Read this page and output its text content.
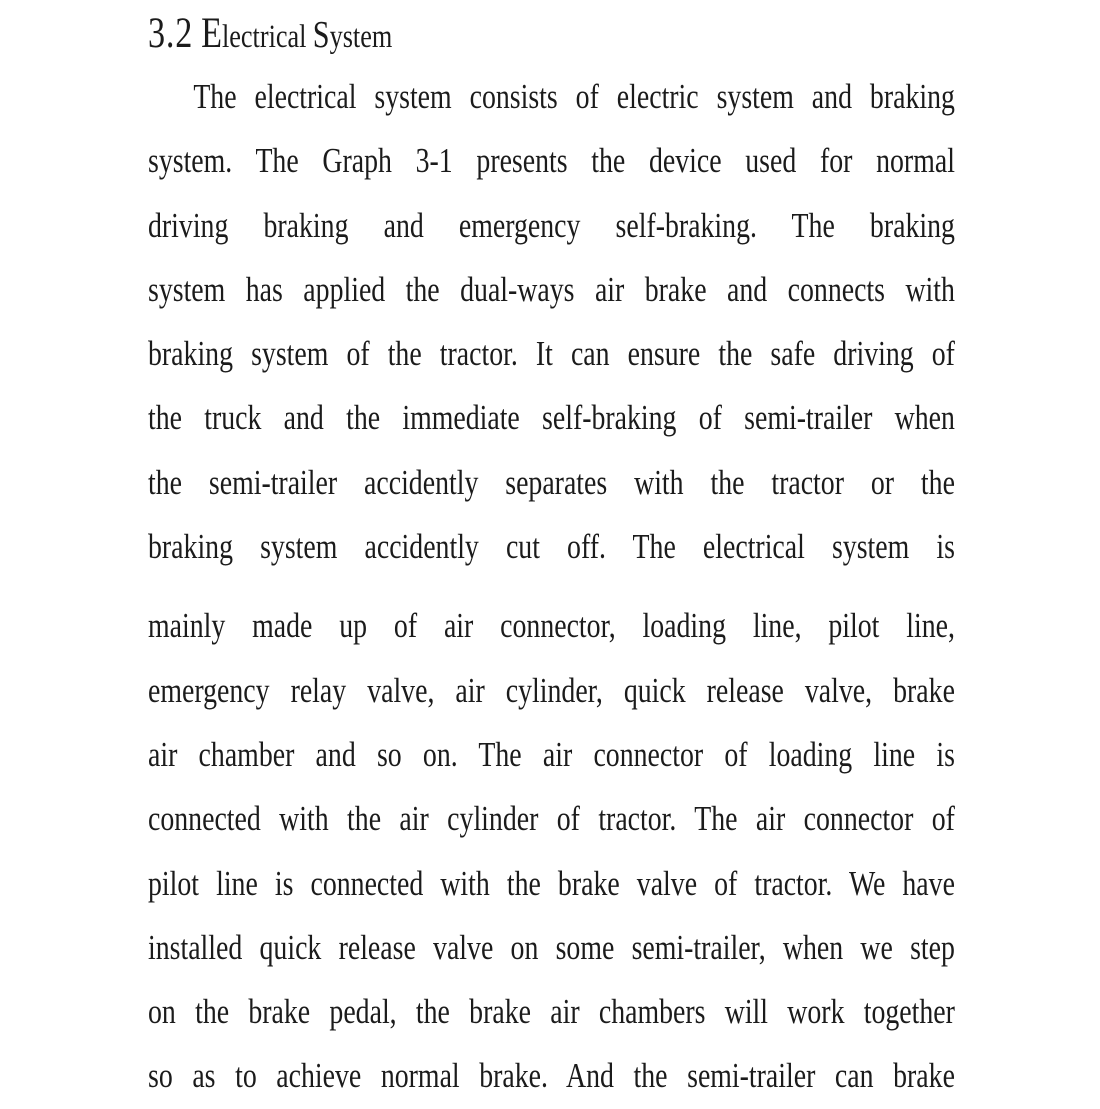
3.2 Electrical System
The electrical system consists of electric system and braking
system. The Graph 3-1 presents the device used for normal
driving braking and emergency self-braking. The braking
system has applied the dual-ways air brake and connects with
braking system of the tractor. It can ensure the safe driving of
the truck and the immediate self-braking of semi-trailer when
the semi-trailer accidently separates with the tractor or the
braking system accidently cut off. The electrical system is
mainly made up of air connector, loading line, pilot line,
emergency relay valve, air cylinder, quick release valve, brake
air chamber and so on. The air connector of loading line is
connected with the air cylinder of tractor. The air connector of
pilot line is connected with the brake valve of tractor. We have
installed quick release valve on some semi-trailer, when we step
on the brake pedal, the brake air chambers will work together
so as to achieve normal brake. And the semi-trailer can brake
